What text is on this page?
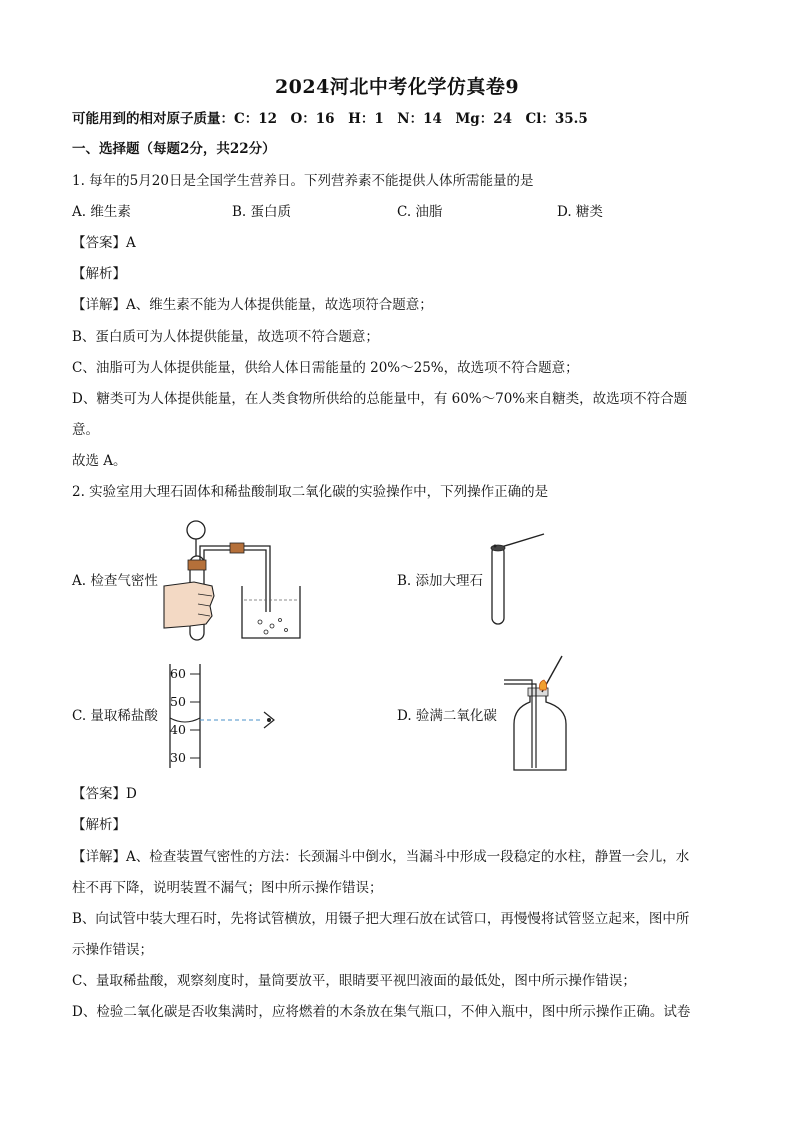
2024河北中考化学仿真卷9
可能用到的相对原子质量：C：12　O：16　H：1　N：14　Mg：24　Cl：35.5
一、选择题（每题2分，共22分）
1. 每年的5月20日是全国学生营养日。下列营养素不能提供人体所需能量的是
A. 维生素	B. 蛋白质	C. 油脂	D. 糖类
【答案】A
【解析】
【详解】A、维生素不能为人体提供能量，故选项符合题意；
B、蛋白质可为人体提供能量，故选项不符合题意；
C、油脂可为人体提供能量，供给人体日需能量的 20%～25%，故选项不符合题意；
D、糖类可为人体提供能量，在人类食物所供给的总能量中，有 60%～70%来自糖类，故选项不符合题
意。
故选 A。
2. 实验室用大理石固体和稀盐酸制取二氧化碳的实验操作中，下列操作正确的是
A. 检查气密性	B. 添加大理石
C. 量取稀盐酸
60
50
40
30
D. 验满二氧化碳
【答案】D
【解析】
【详解】A、检查装置气密性的方法：长颈漏斗中倒水，当漏斗中形成一段稳定的水柱，静置一会儿，水
柱不再下降，说明装置不漏气；图中所示操作错误；
B、向试管中装大理石时，先将试管横放，用镊子把大理石放在试管口，再慢慢将试管竖立起来，图中所
示操作错误；
C、量取稀盐酸，观察刻度时，量筒要放平，眼睛要平视凹液面的最低处，图中所示操作错误；
D、检验二氧化碳是否收集满时，应将燃着的木条放在集气瓶口，不伸入瓶中，图中所示操作正确。试卷
